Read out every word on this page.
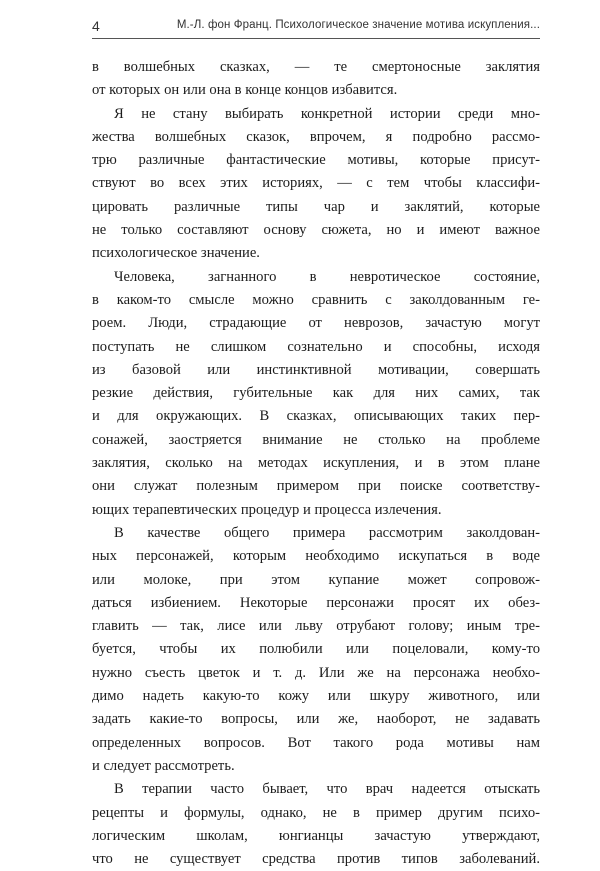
4	М.-Л. фон Франц. Психологическое значение мотива искупления...
в волшебных сказках, — те смертоносные заклятия
от которых он или она в конце концов избавится.
Я не стану выбирать конкретной истории среди мно-
жества волшебных сказок, впрочем, я подробно рассмо-
трю различные фантастические мотивы, которые присут-
ствуют во всех этих историях, — с тем чтобы классифи-
цировать различные типы чар и заклятий, которые
не только составляют основу сюжета, но и имеют важное
психологическое значение.
Человека, загнанного в невротическое состояние,
в каком-то смысле можно сравнить с заколдованным ге-
роем. Люди, страдающие от неврозов, зачастую могут
поступать не слишком сознательно и способны, исходя
из базовой или инстинктивной мотивации, совершать
резкие действия, губительные как для них самих, так
и для окружающих. В сказках, описывающих таких пер-
сонажей, заостряется внимание не столько на проблеме
заклятия, сколько на методах искупления, и в этом плане
они служат полезным примером при поиске соответству-
ющих терапевтических процедур и процесса излечения.
В качестве общего примера рассмотрим заколдован-
ных персонажей, которым необходимо искупаться в воде
или молоке, при этом купание может сопровож-
даться избиением. Некоторые персонажи просят их обез-
главить — так, лисе или льву отрубают голову; иным тре-
буется, чтобы их полюбили или поцеловали, кому-то
нужно съесть цветок и т. д. Или же на персонажа необхо-
димо надеть какую-то кожу или шкуру животного, или
задать какие-то вопросы, или же, наоборот, не задавать
определенных вопросов. Вот такого рода мотивы нам
и следует рассмотреть.
В терапии часто бывает, что врач надеется отыскать
рецепты и формулы, однако, не в пример другим психо-
логическим школам, юнгианцы зачастую утверждают,
что не существует средства против типов заболеваний.
